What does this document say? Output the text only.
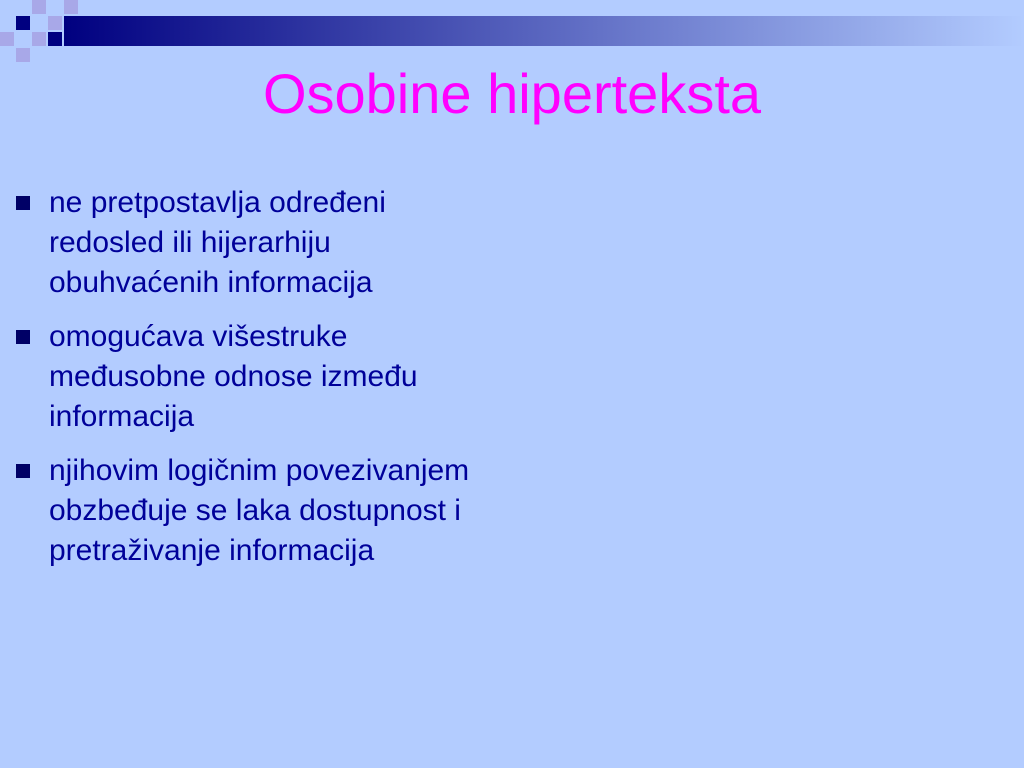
Osobine hiperteksta
ne pretpostavlja određeni
redosled ili hijerarhiju
obuhvaćenih informacija
omogućava višestruke
međusobne odnose između
informacija
njihovim logičnim povezivanjem
obzbeđuje se laka dostupnost i
pretraživanje informacija
